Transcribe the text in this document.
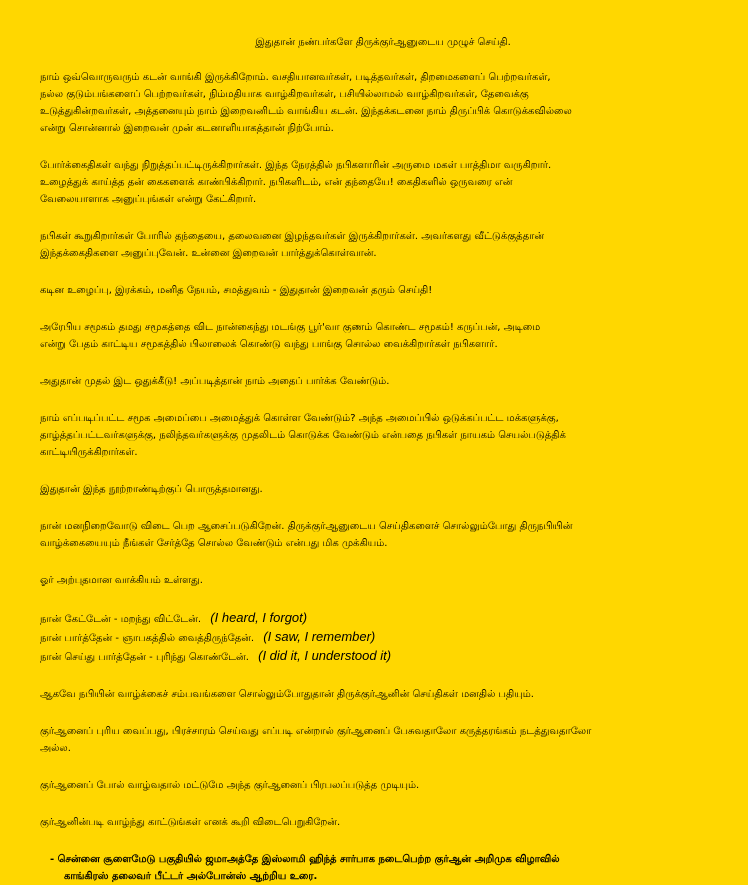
இதுதான் நண்பர்களே திருக்குர்ஆனுடைய முழுச் செய்தி.

நாம் ஒவ்வொருவரும் கடன் வாங்கி இருக்கிறோம். வசதியானவர்கள், படித்தவர்கள், திறமைகளைப் பெற்றவர்கள்,
நல்ல குடும்பங்களைப் பெற்றவர்கள், நிம்மதியாக வாழ்கிறவர்கள், பசியில்லாமல் வாழ்கிறவர்கள், தேவைக்கு
உடுத்துகின்றவர்கள், அத்தனையும் நாம் இறைவனிடம் வாங்கிய கடன். இந்தக்கடனை நாம் திருப்பிக் கொடுக்கவில்லை
என்று சொன்னால் இறைவன் முன் கடனாளியாகத்தான் நிற்போம்.
போர்க்கைதிகள் வந்து நிறுத்தப்பட்டிருக்கிறார்கள். இந்த நேரத்தில் நபிகளாரின் அருமை மகள் பாத்திமா வருகிறார்.
உழைத்துக் காய்த்த தன் கைகளைக் காண்பிக்கிறார். நபிகளிடம், என் தந்தையே! கைதிகளில் ஒருவரை என்
வேலையாளாக அனுப்புங்கள் என்று கேட்கிறார்.
நபிகள் கூறுகிறார்கள் போரில் தந்தையை, தலைவனை இழந்தவர்கள் இருக்கிறார்கள். அவர்களது வீட்டுக்குத்தான்
இந்தக்கைதிகளை அனுப்புவேன். உன்னை இறைவன் பார்த்துக்கொள்வான்.
கடின உழைப்பு, இரக்கம், மனித நேயம், சமத்துவம் - இதுதான் இறைவன் தரும் செய்தி!
அரேபிய சமூகம் தமது சமூகத்தை விட நான்கைந்து மடங்கு பூர்'வா குணம் கொண்ட சமூகம்! கருப்பன், அடிமை
என்று பேதம் காட்டிய சமூகத்தில் பிலாலைக் கொண்டு வந்து பாங்கு சொல்ல வைக்கிறார்கள் நபிகளார்.
அதுதான் முதல் இட ஒதுக்கீடு! அப்படித்தான் நாம் அதைப் பார்க்க வேண்டும்.
நாம் எப்படிப்பட்ட சமூக அமைப்பை அமைத்துக் கொள்ள வேண்டும்? அந்த அமைப்பில் ஒடுக்கப்பட்ட மக்களுக்கு,
தாழ்த்தப்பட்டவர்களுக்கு, நலிந்தவர்களுக்கு முதலிடம் கொடுக்க வேண்டும் என்பதை நபிகள் நாயகம் செயல்படுத்திக்
காட்டியிருக்கிறார்கள்.
இதுதான் இந்த நூற்றாண்டிற்குப் பொருத்தமானது.
நான் மனநிறைவோடு விடை பெற ஆசைப்படுகிறேன். திருக்குர்ஆனுடைய செய்திகளைச் சொல்லும்போது திருநபியின்
வாழ்க்கையையும் நீங்கள் சேர்த்தே சொல்ல வேண்டும் என்பது மிக முக்கியம்.
ஓர் அற்புதமான வாக்கியம் உள்ளது.
நான் கேட்டேன் - மறந்து விட்டேன். (I heard, I forgot)
நான் பார்த்தேன் - ஞாபகத்தில் வைத்திருந்தேன். (I saw, I remember)
நான் செய்து பார்த்தேன் - புரிந்து கொண்டேன். (I did it, I understood it)
ஆகவே நபியின் வாழ்க்கைச் சம்பவங்களை சொல்லும்போதுதான் திருக்குர்ஆனின் செய்திகள் மனதில் பதியும்.
குர்ஆனைப் புரிய வைப்பது, பிரச்சாரம் செய்வது எப்படி என்றால் குர்ஆனைப் பேசுவதாலோ கருத்தரங்கம் நடத்துவதாலோ
அல்ல.
குர்ஆனைப் போல் வாழ்வதால் மட்டுமே அந்த குர்ஆனைப் பிரபலப்படுத்த முடியும்.
குர்ஆனின்படி வாழ்ந்து காட்டுங்கள் எனக் கூறி விடைபெறுகிறேன்.
- சென்னை சூளைமேடு பகுதியில் ஜமாஅத்தே இஸ்லாமி ஹிந்த் சார்பாக நடைபெற்ற குர்ஆன் அறிமுக விழாவில்
காங்கிரஸ் தலைவர் பீட்டர் அல்போன்ஸ் ஆற்றிய உரை.
